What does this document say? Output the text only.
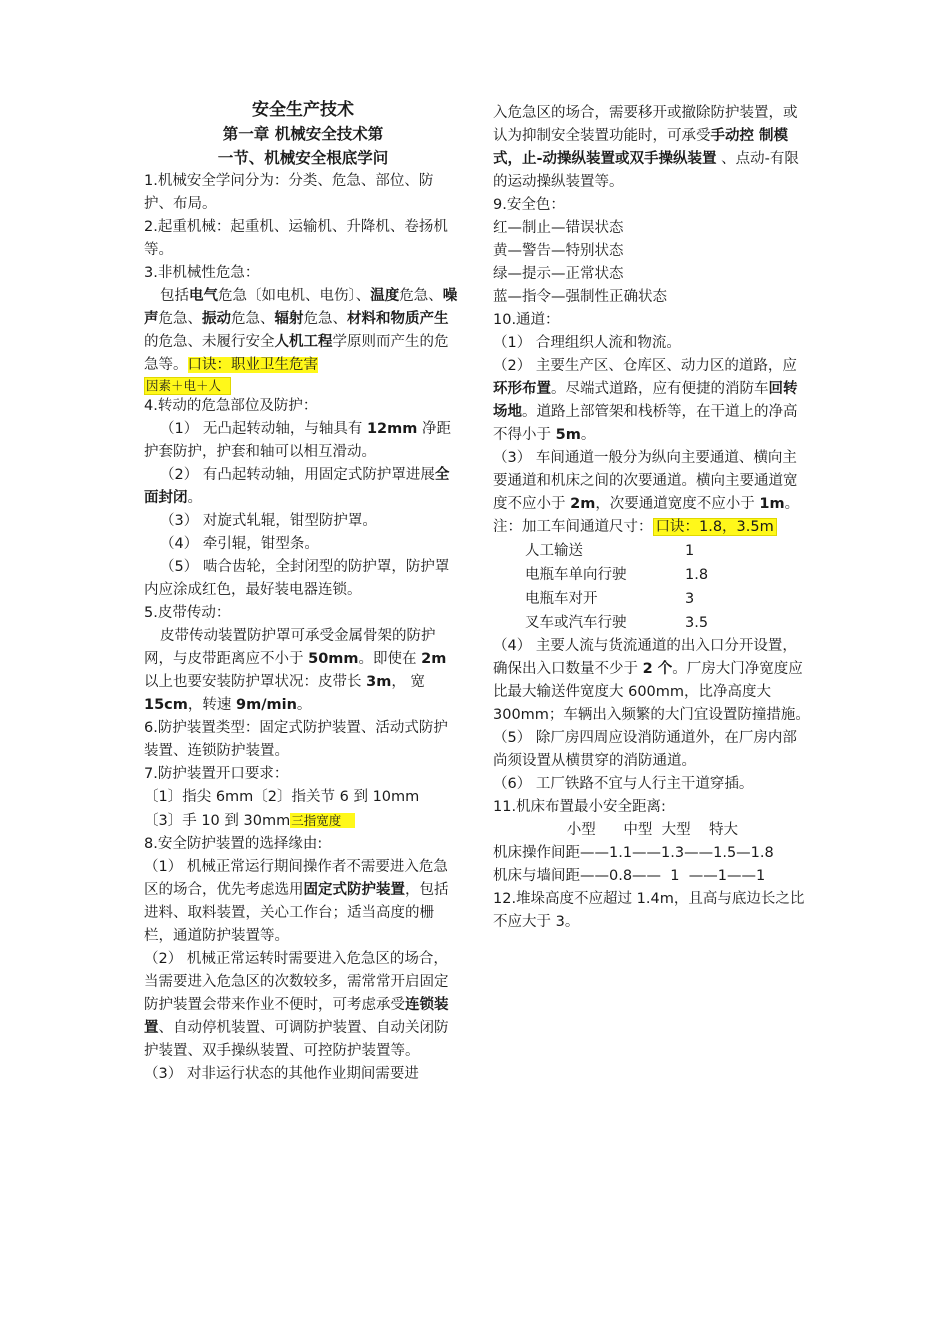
安全生产技术
第一章 机械安全技术第
一节、机械安全根底学问

1.机械安全学问分为：分类、危急、部位、防护、布局。

2.起重机械：起重机、运输机、升降机、卷扬机等。

3.非机械性危急：

包括电气危急〔如电机、电伤〕、温度危急、噪声危急、振动危急、辐射危急、材料和物质产生的危急、未履行安全人机工程学原则而产生的危急等。口诀：职业卫生危害

因素＋电＋人

4.转动的危急部位及防护：

（1） 无凸起转动轴，与轴具有 12mm 净距护套防护，护套和轴可以相互滑动。

（2） 有凸起转动轴，用固定式防护罩进展全面封闭。

（3） 对旋式轧辊，钳型防护罩。

（4） 牵引辊，钳型条。

（5） 啮合齿轮，全封闭型的防护罩，防护罩内应涂成红色，最好装电器连锁。

5.皮带传动：

皮带传动装置防护罩可承受金属骨架的防护网，与皮带距离应不小于 50mm。即使在 2m 以上也要安装防护罩状况：皮带长 3m， 宽 15cm，转速 9m/min。

6.防护装置类型：固定式防护装置、活动式防护装置、连锁防护装置。

7.防护装置开口要求：

〔1〕指尖 6mm〔2〕指关节 6 到 10mm

〔3〕手 10 到 30mm三指宽度

8.安全防护装置的选择缘由:

（1） 机械正常运行期间操作者不需要进入危急区的场合，优先考虑选用固定式防护装置，包括进料、取料装置，关心工作台；适当高度的栅栏，通道防护装置等。

（2） 机械正常运转时需要进入危急区的场合，当需要进入危急区的次数较多，需常常开启固定防护装置会带来作业不便时，可考虑承受连锁装置、自动停机装置、可调防护装置、自动关闭防护装置、双手操纵装置、可控防护装置等。

（3） 对非运行状态的其他作业期间需要进

入危急区的场合，需要移开或撤除防护装置，或认为抑制安全装置功能时，可承受手动控 制模式，止-动操纵装置或双手操纵装置 、点动-有限的运动操纵装置等。

9.安全色：

红—制止—错误状态

黄—警告—特别状态

绿—提示—正常状态

蓝—指令—强制性正确状态

10.通道：

（1） 合理组织人流和物流。

（2） 主要生产区、仓库区、动力区的道路，应环形布置。尽端式道路，应有便捷的消防车回转场地。道路上部管架和栈桥等，在干道上的净高不得小于 5m。

（3） 车间通道一般分为纵向主要通道、横向主要通道和机床之间的次要通道。横向主要通道宽度不应小于 2m，次要通道宽度不应小于 1m。

注：加工车间通道尺寸： 口诀：1.8，3.5m

人工输送	1
电瓶车单向行驶	1.8
电瓶车对开	3
叉车或汽车行驶	3.5

（4） 主要人流与货流通道的出入口分开设置，确保出入口数量不少于 2 个。厂房大门净宽度应比最大输送件宽度大 600mm，比净高度大 300mm；车辆出入频繁的大门宜设置防撞措施。

（5） 除厂房四周应设消防通道外，在厂房内部尚须设置从横贯穿的消防通道。

（6） 工厂铁路不宜与人行主干道穿插。

11.机床布置最小安全距离:

小型      中型  大型    特大

机床操作间距——1.1——1.3——1.5—1.8

机床与墙间距——0.8——  1  ——1——1

12.堆垛高度不应超过 1.4m，且高与底边长之比不应大于 3。
